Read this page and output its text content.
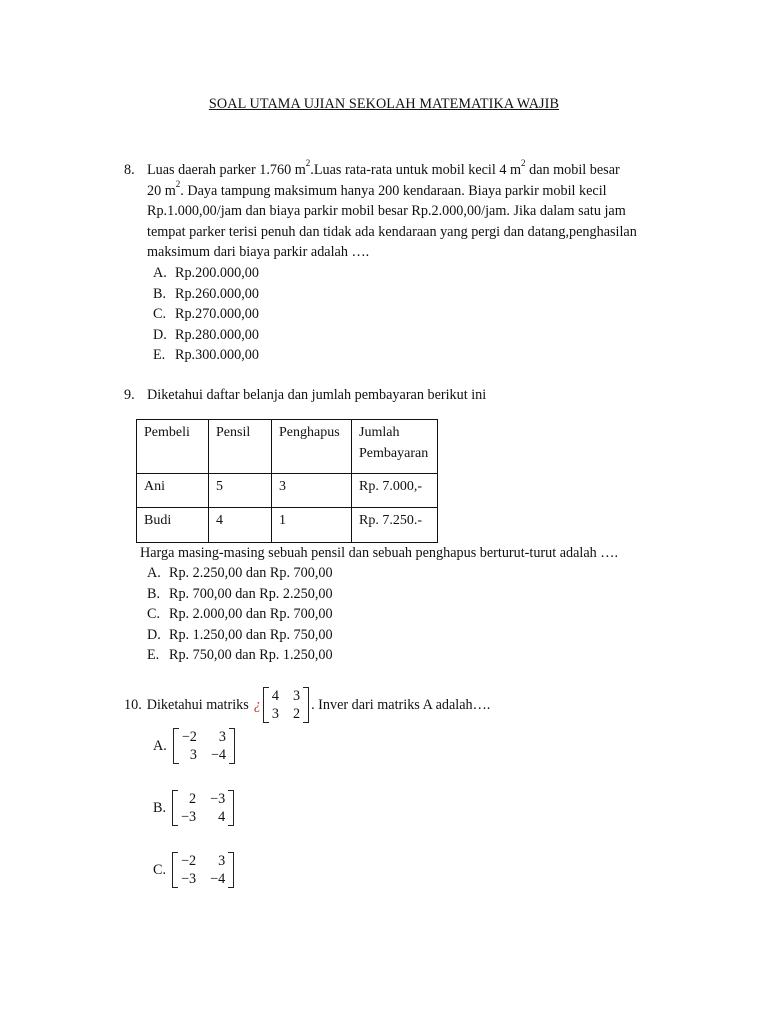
SOAL UTAMA UJIAN SEKOLAH MATEMATIKA WAJIB
8. Luas daerah parker 1.760 $m^2.Luas$ rata-rata untuk mobil kecil 4 $m^2$ dan mobil besar
20 $m^2$. Daya tampung maksimum hanya 200 kendaraan. Biaya parkir mobil kecil
Rp.1.000,00/jam dan biaya parkir mobil besar Rp.2.000,00/jam. Jika dalam satu jam
tempat parker terisi penuh dan tidak ada kendaraan yang pergi dan datang,penghasilan
maksimum dari biaya parkir adalah ….
A. Rp.200.000,00
B. Rp.260.000,00
C. Rp.270.000,00
D. Rp.280.000,00
E. Rp.300.000,00
9. Diketahui daftar belanja dan jumlah pembayaran berikut ini
Pembeli	Pensil	Penghapus	Jumlah Pembayaran
Ani	5	3	Rp. 7.000,-
Budi	4	1	Rp. 7.250.-
Harga masing-masing sebuah pensil dan sebuah penghapus berturut-turut adalah ….
A. Rp. 2.250,00 dan Rp. 700,00
B. Rp. 700,00 dan Rp. 2.250,00
C. Rp. 2.000,00 dan Rp. 700,00
D. Rp. 1.250,00 dan Rp. 750,00
E. Rp. 750,00 dan Rp. 1.250,00
10. Diketahui matriks ¿
4 3
3 2
. Inver dari matriks A adalah….
A.
−2	3
3 −4
B.
2 −3
−3	4
C.
−2	3
−3 −4
